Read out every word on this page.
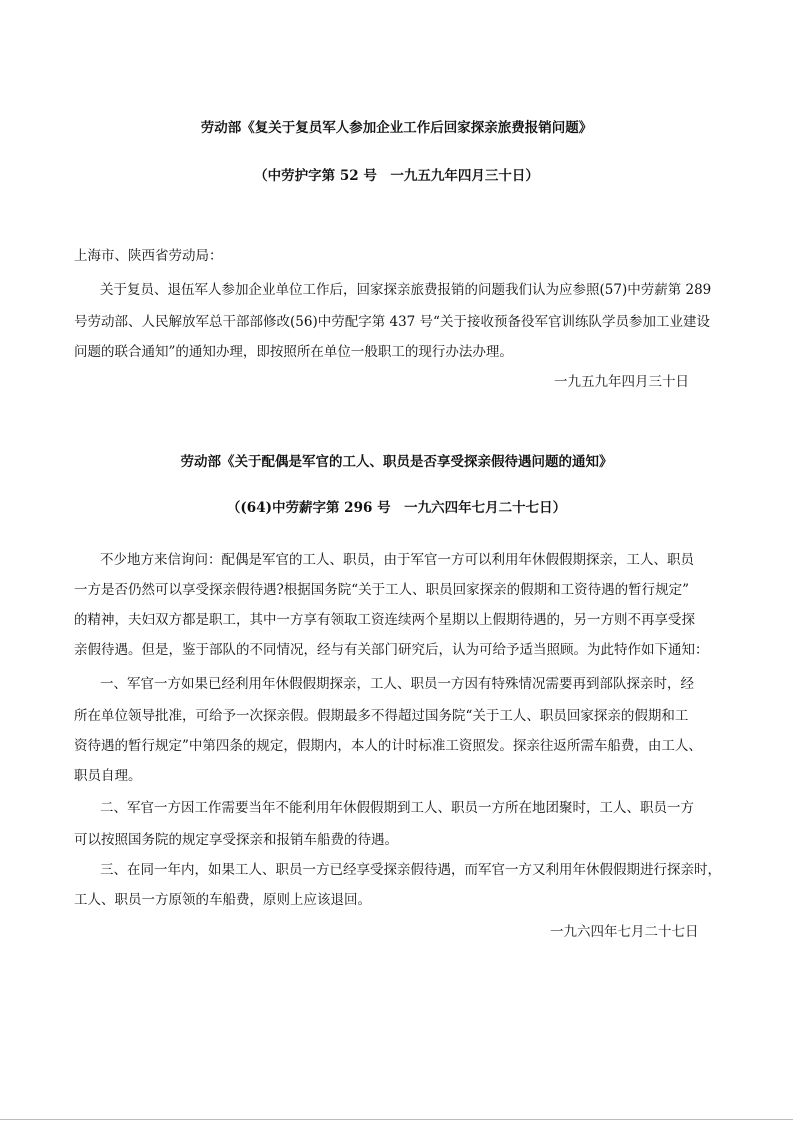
劳动部《复关于复员军人参加企业工作后回家探亲旅费报销问题》
（中劳护字第 52 号　一九五九年四月三十日）
上海市、陕西省劳动局：
关于复员、退伍军人参加企业单位工作后，回家探亲旅费报销的问题我们认为应参照(57)中劳薪第 289
号劳动部、人民解放军总干部部修改(56)中劳配字第 437 号“关于接收预备役军官训练队学员参加工业建设
问题的联合通知”的通知办理，即按照所在单位一般职工的现行办法办理。
一九五九年四月三十日
劳动部《关于配偶是军官的工人、职员是否享受探亲假待遇问题的通知》
（(64)中劳薪字第 296 号　一九六四年七月二十七日）
不少地方来信询问：配偶是军官的工人、职员，由于军官一方可以利用年休假假期探亲，工人、职员
一方是否仍然可以享受探亲假待遇?根据国务院“关于工人、职员回家探亲的假期和工资待遇的暂行规定”
的精神，夫妇双方都是职工，其中一方享有领取工资连续两个星期以上假期待遇的，另一方则不再享受探
亲假待遇。但是，鉴于部队的不同情况，经与有关部门研究后，认为可给予适当照顾。为此特作如下通知：
一、军官一方如果已经利用年休假假期探亲，工人、职员一方因有特殊情况需要再到部队探亲时，经
所在单位领导批准，可给予一次探亲假。假期最多不得超过国务院“关于工人、职员回家探亲的假期和工
资待遇的暂行规定”中第四条的规定，假期内，本人的计时标准工资照发。探亲往返所需车船费，由工人、
职员自理。
二、军官一方因工作需要当年不能利用年休假假期到工人、职员一方所在地团聚时，工人、职员一方
可以按照国务院的规定享受探亲和报销车船费的待遇。
三、在同一年内，如果工人、职员一方已经享受探亲假待遇，而军官一方又利用年休假假期进行探亲时，
工人、职员一方原领的车船费，原则上应该退回。
一九六四年七月二十七日
